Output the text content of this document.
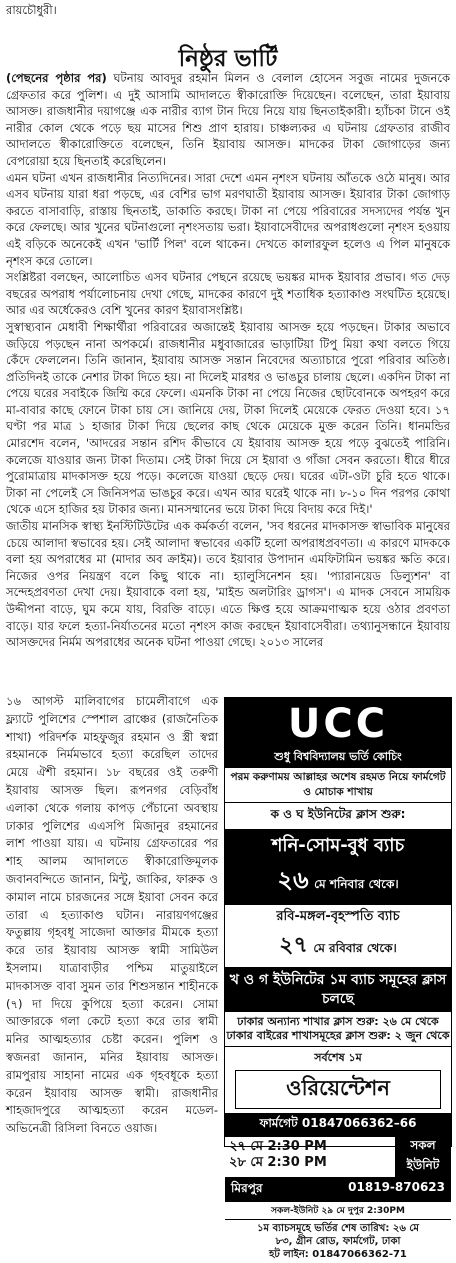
রায়চৌধুরী।
নিষ্ঠুর ভার্টি

(পেছনের পৃষ্ঠার পর) ঘটনায় আবদুর রহমান মিলন ও বেলাল হোসেন সবুজ নামের দুজনকে গ্রেফতার করে পুলিশ। এ দুই আসামি আদালতে স্বীকারোক্তি দিয়েছেন। বলেছেন, তারা ইয়াবায় আসক্ত। রাজধানীর দয়াগঞ্জে এক নারীর ব্যাগ টান দিয়ে নিয়ে যায় ছিনতাইকারী। হ্যাঁচকা টানে ওই নারীর কোল থেকে পড়ে ছয় মাসের শিশু প্রাণ হারায়। চাঞ্চল্যকর এ ঘটনায় গ্রেফতার রাজীব আদালতে স্বীকারোক্তিতে বলেছেন, তিনি ইয়াবায় আসক্ত। মাদকের টাকা জোগাড়ের জন্য বেপরোয়া হয়ে ছিনতাই করেছিলেন।

এমন ঘটনা এখন রাজধানীর নিত্যদিনের। সারা দেশে এমন নৃশংস ঘটনায় আঁতকে ওঠে মানুষ। আর এসব ঘটনায় যারা ধরা পড়ছে, এর বেশির ভাগ মরণঘাতী ইয়াবায় আসক্ত। ইয়াবার টাকা জোগাড় করতে বাসাবাড়ি, রাস্তায় ছিনতাই, ডাকাতি করছে। টাকা না পেয়ে পরিবারের সদস্যদের পর্যন্ত খুন করে ফেলছে। আর খুনের ঘটনাগুলো নৃশংসতায় ভরা। ইয়াবাসেবীদের অপরাধগুলো নৃশংস হওয়ায় এই বড়িকে অনেকেই এখন 'ভার্টি পিল' বলে থাকেন। দেখতে কালারফুল হলেও এ পিল মানুষকে নৃশংস করে তোলে।

সংশ্লিষ্টরা বলছেন, আলোচিত এসব ঘটনার পেছনে রয়েছে ভয়ঙ্কর মাদক ইয়াবার প্রভাব। গত দেড় বছরের অপরাধ পর্যালোচনায় দেখা গেছে, মাদকের কারণে দুই শতাধিক হত্যাকাণ্ড সংঘটিত হয়েছে। আর এর অর্ধেকেরও বেশি খুনের কারণ ইয়াবাসংশ্লিষ্ট।

সুস্বাস্থ্যবান মেধাবী শিক্ষার্থীরা পরিবারের অজান্তেই ইয়াবায় আসক্ত হয়ে পড়ছেন। টাকার অভাবে জড়িয়ে পড়ছেন নানা অপকর্মে। রাজধানীর মধুবাজারের ভাড়াটিয়া টিপু মিয়া কথা বলতে গিয়ে কেঁদে ফেললেন। তিনি জানান, ইয়াবায় আসক্ত সন্তান নিবেদের অত্যাচারে পুরো পরিবার অতিষ্ঠ। প্রতিদিনই তাকে নেশার টাকা দিতে হয়। না দিলেই মারধর ও ভাঙচুর চালায় ছেলে। একদিন টাকা না পেয়ে ঘরের সবাইকে জিম্মি করে ফেলে। এমনকি টাকা না পেয়ে নিজের ছোটবোনকে অপহরণ করে মা-বাবার কাছে ফোনে টাকা চায় সে। জানিয়ে দেয়, টাকা দিলেই মেয়েকে ফেরত দেওয়া হবে। ১৭ ঘণ্টা পর মাত্র ১ হাজার টাকা দিয়ে ছেলের কাছ থেকে মেয়েকে মুক্ত করেন তিনি। ধানমন্ডির মোরশেদ বলেন, 'আদরের সন্তান রশিদ কীভাবে যে ইয়াবায় আসক্ত হয়ে পড়ে বুঝতেই পারিনি। কলেজে যাওয়ার জন্য টাকা দিতাম। সেই টাকা দিয়ে সে ইয়াবা ও গাঁজা সেবন করতো। ধীরে ধীরে পুরোমাত্রায় মাদকাসক্ত হয়ে পড়ে। কলেজে যাওয়া ছেড়ে দেয়। ঘরের এটা-ওটা চুরি হতে থাকে। টাকা না পেলেই সে জিনিসপত্র ভাঙচুর করে। এখন আর ঘরেই থাকে না। ৮-১০ দিন পরপর কোথা থেকে এসে হাজির হয় টাকার জন্য। মানসম্মানের ভয়ে টাকা দিয়ে বিদায় করে দিই।'

জাতীয় মানসিক স্বাস্থ্য ইনস্টিটিউটের এক কর্মকর্তা বলেন, 'সব ধরনের মাদকাসক্ত স্বাভাবিক মানুষের চেয়ে আলাদা স্বভাবের হয়। সেই আলাদা স্বভাবের একটি হলো অপরাধপ্রবণতা। এ কারণে মাদককে বলা হয় অপরাধের মা (মাদার অব ক্রাইম)। তবে ইয়াবার উপাদান এমফিটামিন ভয়ঙ্কর ক্ষতি করে। নিজের ওপর নিয়ন্ত্রণ বলে কিছু থাকে না। হ্যালুসিনেশন হয়। 'প্যারানয়েড ডিল্যুশন' বা সন্দেহপ্রবণতা দেখা দেয়। ইয়াবাকে বলা হয়, 'মাইন্ড অলটারিং ড্রাগস'। এ মাদক সেবনে সাময়িক উদ্দীপনা বাড়ে, ঘুম কমে যায়, বিরক্তি বাড়ে। এতে ক্ষিপ্ত হয়ে আক্রমণাত্মক হয়ে ওঠার প্রবণতা বাড়ে। যার ফলে হত্যা-নির্যাতনের মতো নৃশংস কাজ করছেন ইয়াবাসেবীরা। তথ্যানুসন্ধানে ইয়াবায় আসক্তদের নির্মম অপরাধের অনেক ঘটনা পাওয়া গেছে। ২০১৩ সালের

১৬ আগস্ট মালিবাগের চামেলীবাগে এক ফ্ল্যাটে পুলিশের স্পেশাল ব্রাঞ্চের (রাজনৈতিক শাখা) পরিদর্শক মাহফুজুর রহমান ও স্ত্রী স্বপ্না রহমানকে নির্মমভাবে হত্যা করেছিল তাদের মেয়ে ঐশী রহমান। ১৮ বছরের ওই তরুণী ইয়াবায় আসক্ত ছিল। রূপনগর বেড়িবাঁধ এলাকা থেকে গলায় কাপড় পেঁচানো অবস্থায় ঢাকার পুলিশের এএসপি মিজানুর রহমানের লাশ পাওয়া যায়। এ ঘটনায় গ্রেফতারের পর শাহ আলম আদালতে স্বীকারোক্তিমূলক জবানবন্দিতে জানান, মিন্টু, জাকির, ফারুক ও কামাল নামে চারজনের সঙ্গে ইয়াবা সেবন করে তারা এ হত্যাকাণ্ড ঘটান। নারায়ণগঞ্জের ফতুল্লায় গৃহবধূ সাজেদা আক্তার মীমকে হত্যা করে তার ইয়াবায় আসক্ত স্বামী সামিউল ইসলাম। যাত্রাবাড়ীর পশ্চিম মাতুয়াইলে মাদকাসক্ত বাবা সুমন তার শিশুসন্তান শাহীনকে (৭) দা দিয়ে কুপিয়ে হত্যা করেন। সোমা আক্তারকে গলা কেটে হত্যা করে তার স্বামী মনির আত্মহত্যার চেষ্টা করেন। পুলিশ ও স্বজনরা জানান, মনির ইয়াবায় আসক্ত। রামপুরায় সাহানা নামের এক গৃহবধূকে হত্যা করেন ইয়াবায় আসক্ত স্বামী। রাজধানীর শাহজাদপুরে আত্মহত্যা করেন মডেল-অভিনেত্রী রিসিলা বিনতে ওয়াজ।

UCC
শুধু বিশ্ববিদ্যালয় ভর্তি কোচিং
পরম করুণাময় আল্লাহর অশেষ রহমত নিয়ে ফার্মগেট ও মোচাক শাখায়
ক ও ঘ ইউনিটের ক্লাস শুরু:
শনি-সোম-বুধ ব্যাচ
২৬ মে শনিবার থেকে।
রবি-মঙ্গল-বৃহস্পতি ব্যাচ
২৭ মে রবিবার থেকে।
খ ও গ ইউনিটের ১ম ব্যাচ সমূহের ক্লাস চলছে
ঢাকার অন্যান্য শাখার ক্লাস শুরু: ২৬ মে থেকে
ঢাকার বাইরের শাখাসমূহের ক্লাস শুরু: ২ জুন থেকে
সর্বশেষ ১ম
ওরিয়েন্টেশন
ফার্মগেট 01847066362–66
২৭ মে 2:30 PM
২৮ মে 2:30 PM
সকল ইউনিট
মিরপুর	01819-870623
সকল-ইউনিট ২৯ মে দুপুর 2:30PM
১ম ব্যাচসমূহে ভর্তির শেষ তারিখ: ২৬ মে
৮৩, গ্রীন রোড, ফার্মগেট, ঢাকা
হট লাইন: 01847066362-71
